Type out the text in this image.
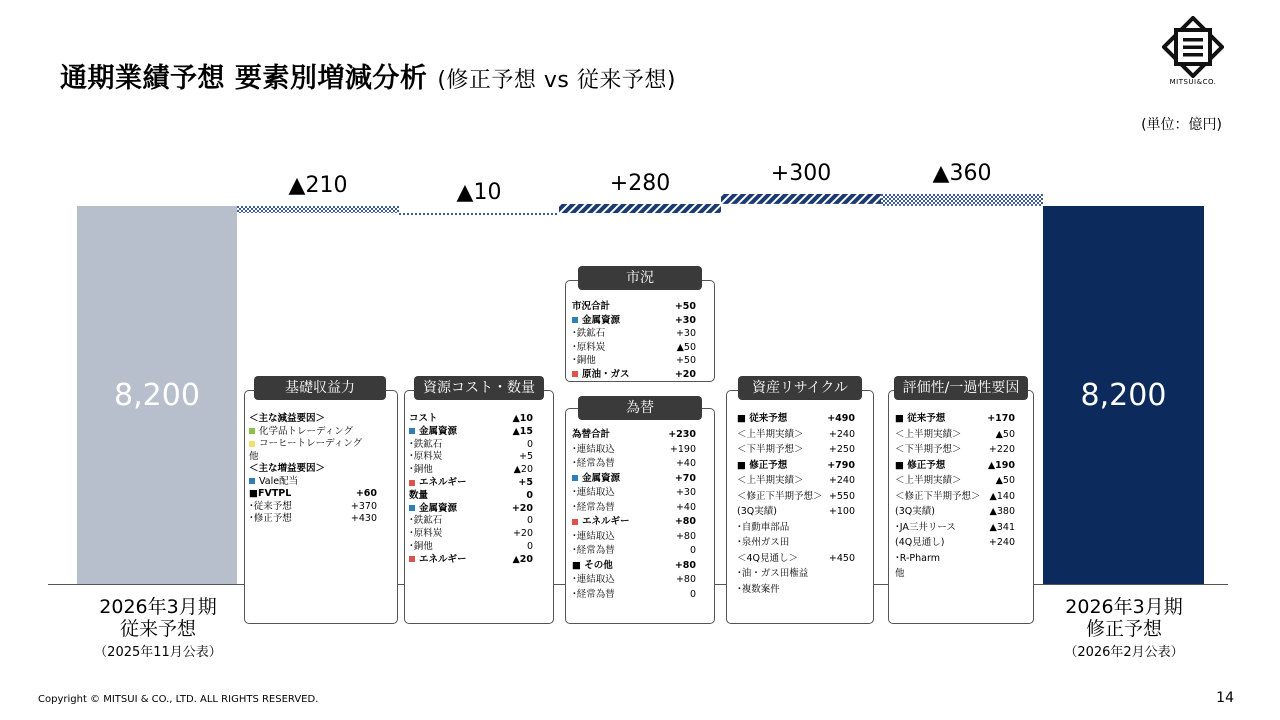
通期業績予想 要素別増減分析 (修正予想 vs 従来予想)	MITSUI&CO.
(単位：億円)
8,200	8,200
▲210	▲10	+280	+300	▲360
2026年3月期
従来予想
（2025年11月公表）
2026年3月期
修正予想
（2026年2月公表）
＜主な減益要因＞
化学品トレーディング
コーヒートレーディング
他
＜主な増益要因＞
Vale配当
■FVTPL	+60
･従来予想	+370
･修正予想	+430
基礎収益力
コスト	▲10
金属資源	▲15
･鉄鉱石	0
･原料炭	+5
･銅他	▲20
エネルギー	+5
数量	0
金属資源	+20
･鉄鉱石	0
･原料炭	+20
･銅他	0
エネルギー	▲20
資源コスト・数量
市況合計	+50
金属資源	+30
･鉄鉱石	+30
･原料炭	▲50
･銅他	+50
原油・ガス	+20
市況
為替合計	+230
･連結取込	+190
･経常為替	+40
金属資源	+70
･連結取込	+30
･経常為替	+40
エネルギー	+80
･連結取込	+80
･経常為替	0
■ その他	+80
･連結取込	+80
･経常為替	0
為替
■ 従来予想	+490
＜上半期実績＞	+240
＜下半期予想＞	+250
■ 修正予想	+790
＜上半期実績＞	+240
＜修正下半期予想＞ +550
(3Q実績)	+100
･自動車部品
･泉州ガス田
＜4Q見通し＞	+450
･油・ガス田権益
･複数案件
資産リサイクル
■ 従来予想	+170
＜上半期実績＞	▲50
＜下半期予想＞	+220
■ 修正予想	▲190
＜上半期実績＞	▲50
＜修正下半期予想＞ ▲140
(3Q実績)	▲380
･JA三井リース	▲341
(4Q見通し)	+240
･R-Pharm
他
評価性/一過性要因
Copyright © MITSUI & CO., LTD. ALL RIGHTS RESERVED.	14
